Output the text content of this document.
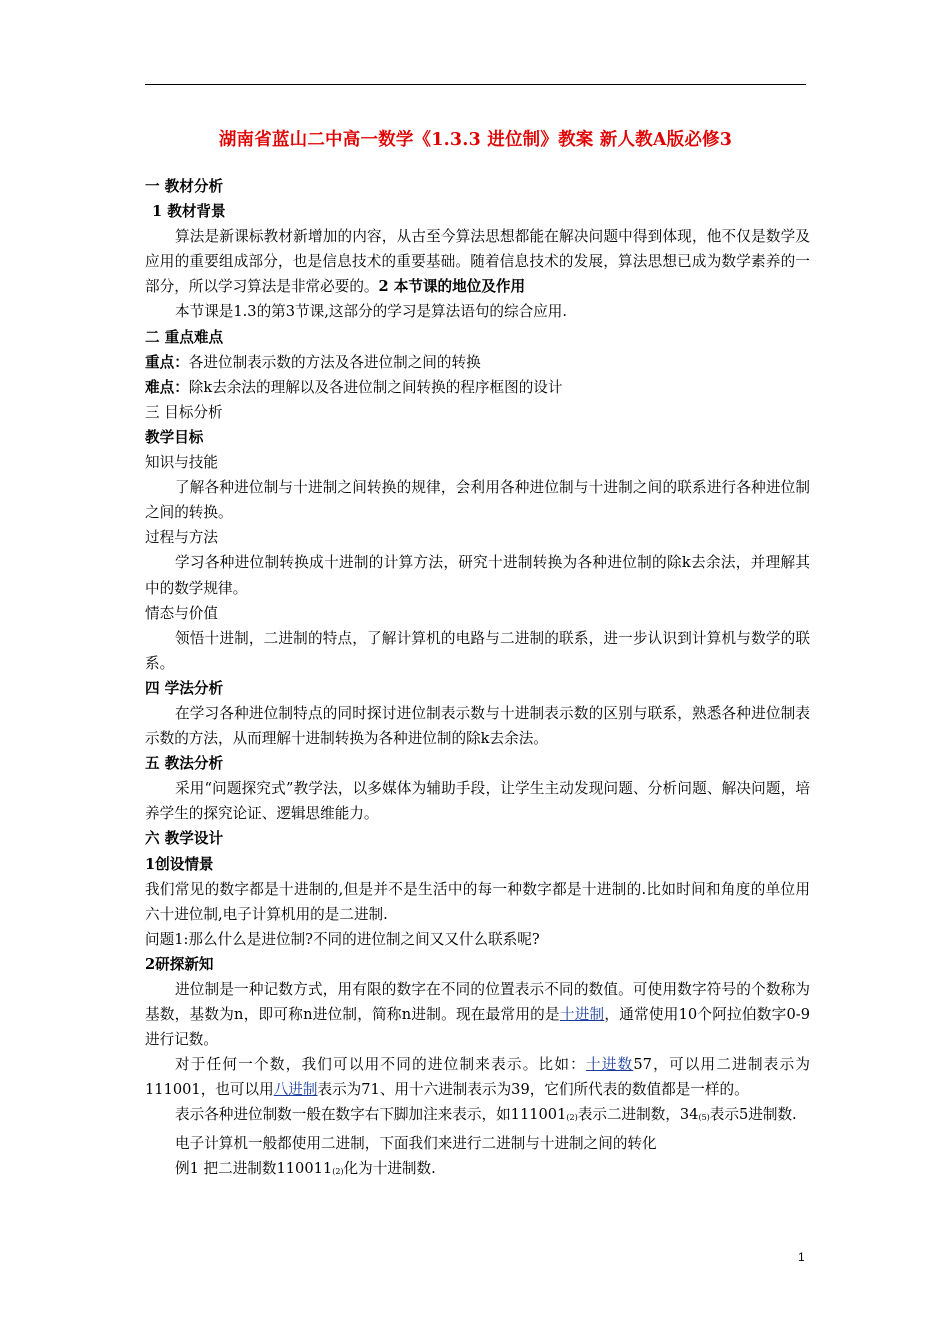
湖南省蓝山二中高一数学《1.3.3 进位制》教案 新人教A版必修3

一 教材分析

1 教材背景

算法是新课标教材新增加的内容，从古至今算法思想都能在解决问题中得到体现，他不仅是数学及应用的重要组成部分，也是信息技术的重要基础。随着信息技术的发展，算法思想已成为数学素养的一部分，所以学习算法是非常必要的。2 本节课的地位及作用

本节课是1.3的第3节课,这部分的学习是算法语句的综合应用.

二 重点难点

重点：各进位制表示数的方法及各进位制之间的转换

难点：除k去余法的理解以及各进位制之间转换的程序框图的设计

三 目标分析

教学目标

知识与技能

了解各种进位制与十进制之间转换的规律，会利用各种进位制与十进制之间的联系进行各种进位制之间的转换。

过程与方法

学习各种进位制转换成十进制的计算方法，研究十进制转换为各种进位制的除k去余法，并理解其中的数学规律。

情态与价值

领悟十进制，二进制的特点，了解计算机的电路与二进制的联系，进一步认识到计算机与数学的联系。

四 学法分析

在学习各种进位制特点的同时探讨进位制表示数与十进制表示数的区别与联系，熟悉各种进位制表示数的方法，从而理解十进制转换为各种进位制的除k去余法。

五 教法分析

采用“问题探究式”教学法，以多媒体为辅助手段，让学生主动发现问题、分析问题、解决问题，培养学生的探究论证、逻辑思维能力。

六 教学设计

1创设情景

我们常见的数字都是十进制的,但是并不是生活中的每一种数字都是十进制的.比如时间和角度的单位用六十进位制,电子计算机用的是二进制.

问题1:那么什么是进位制?不同的进位制之间又又什么联系呢?

2研探新知

进位制是一种记数方式，用有限的数字在不同的位置表示不同的数值。可使用数字符号的个数称为基数，基数为n，即可称n进位制，简称n进制。现在最常用的是十进制，通常使用10个阿拉伯数字0-9进行记数。

对于任何一个数，我们可以用不同的进位制来表示。比如：十进数57，可以用二进制表示为111001，也可以用八进制表示为71、用十六进制表示为39，它们所代表的数值都是一样的。

表示各种进位制数一般在数字右下脚加注来表示，如$111001_{(2)}$表示二进制数，$34_{(5)}$表示5进制数.

电子计算机一般都使用二进制，下面我们来进行二进制与十进制之间的转化

例1 把二进制数$110011_{(2)}$化为十进制数.

1
